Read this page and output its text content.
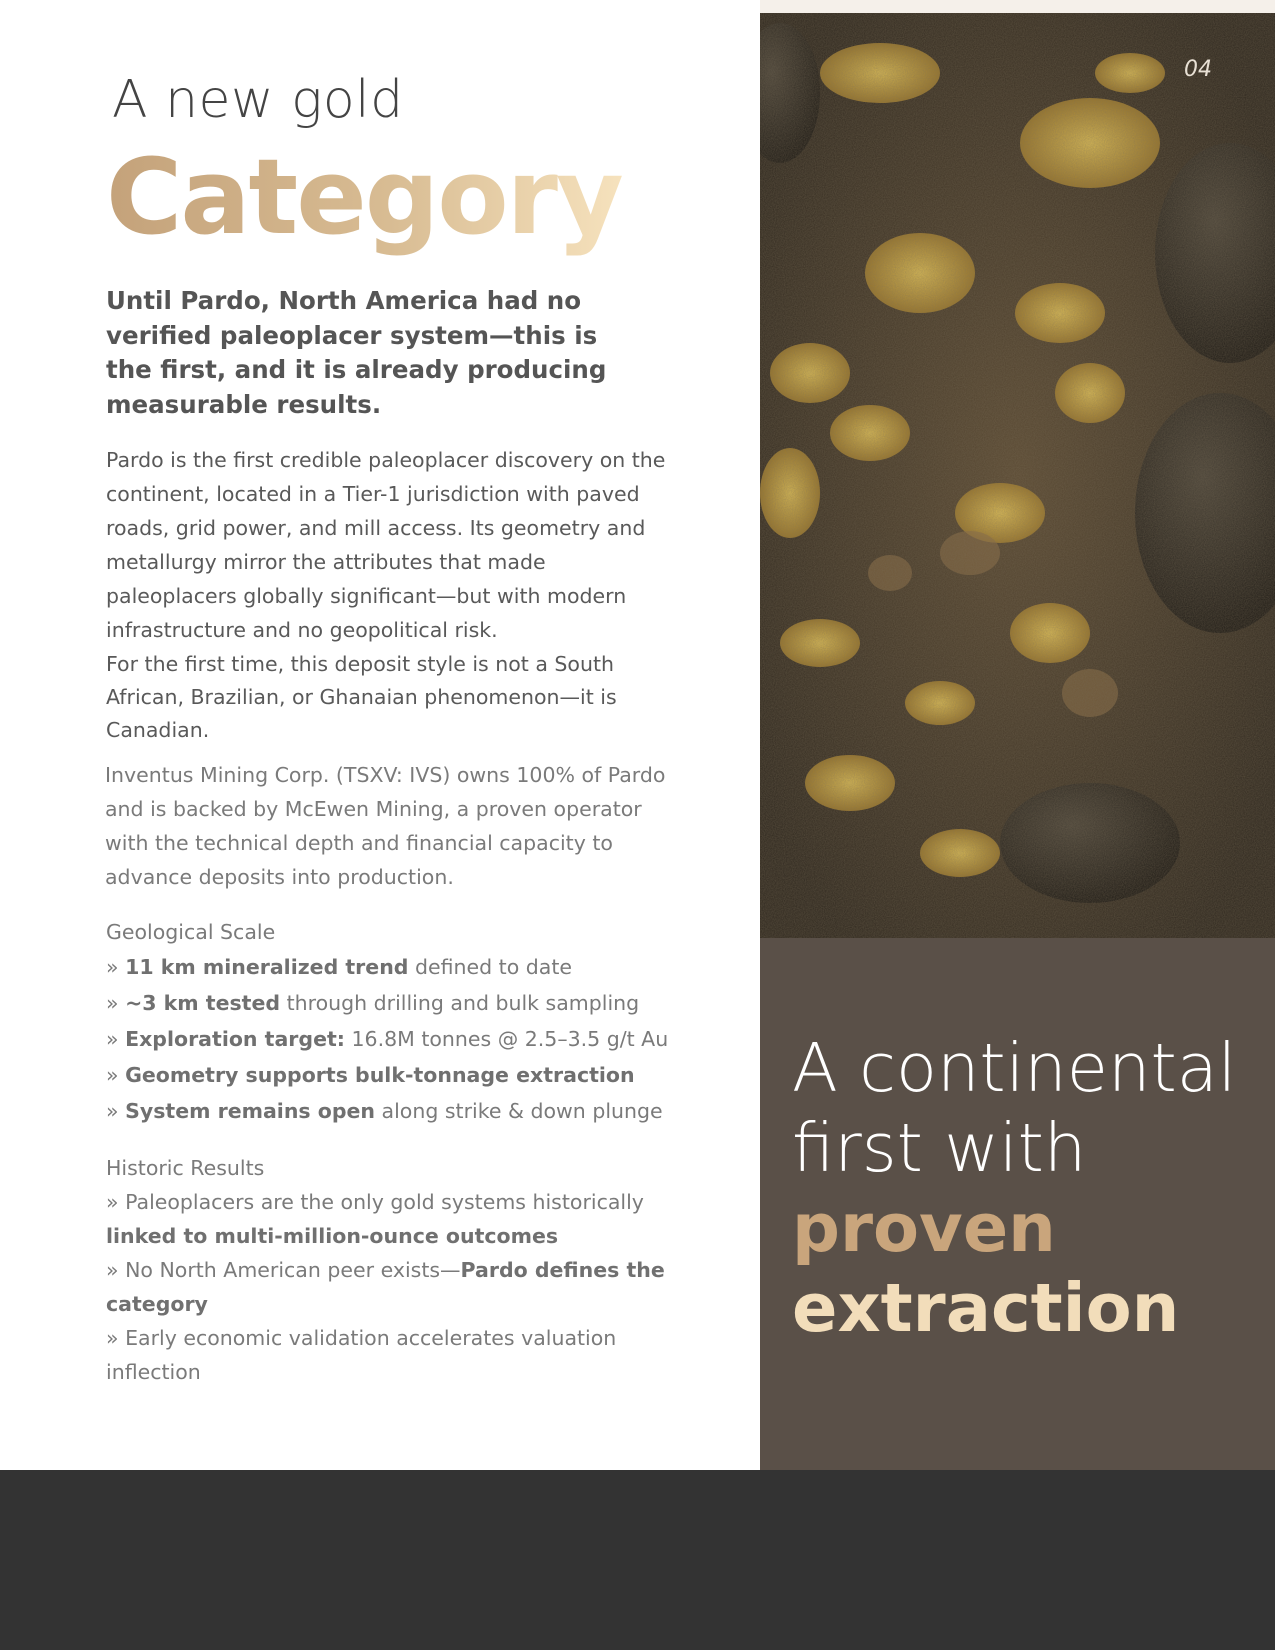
A new gold
Category
Until Pardo, North America had no verified paleoplacer system—this is the first, and it is already producing measurable results.

Pardo is the first credible paleoplacer discovery on the continent, located in a Tier-1 jurisdiction with paved roads, grid power, and mill access. Its geometry and metallurgy mirror the attributes that made paleoplacers globally significant—but with modern infrastructure and no geopolitical risk.

For the first time, this deposit style is not a South African, Brazilian, or Ghanaian phenomenon—it is Canadian.

Inventus Mining Corp. (TSXV: IVS) owns 100% of Pardo and is backed by McEwen Mining, a proven operator with the technical depth and financial capacity to advance deposits into production.

Geological Scale
» 11 km mineralized trend defined to date
» ~3 km tested through drilling and bulk sampling
» Exploration target: 16.8M tonnes @ 2.5–3.5 g/t Au
» Geometry supports bulk-tonnage extraction
» System remains open along strike & down plunge
Historic Results
» Paleoplacers are the only gold systems historically linked to multi-million-ounce outcomes
» No North American peer exists—Pardo defines the category
» Early economic validation accelerates valuation inflection
04
A continental
first with
proven
extraction
